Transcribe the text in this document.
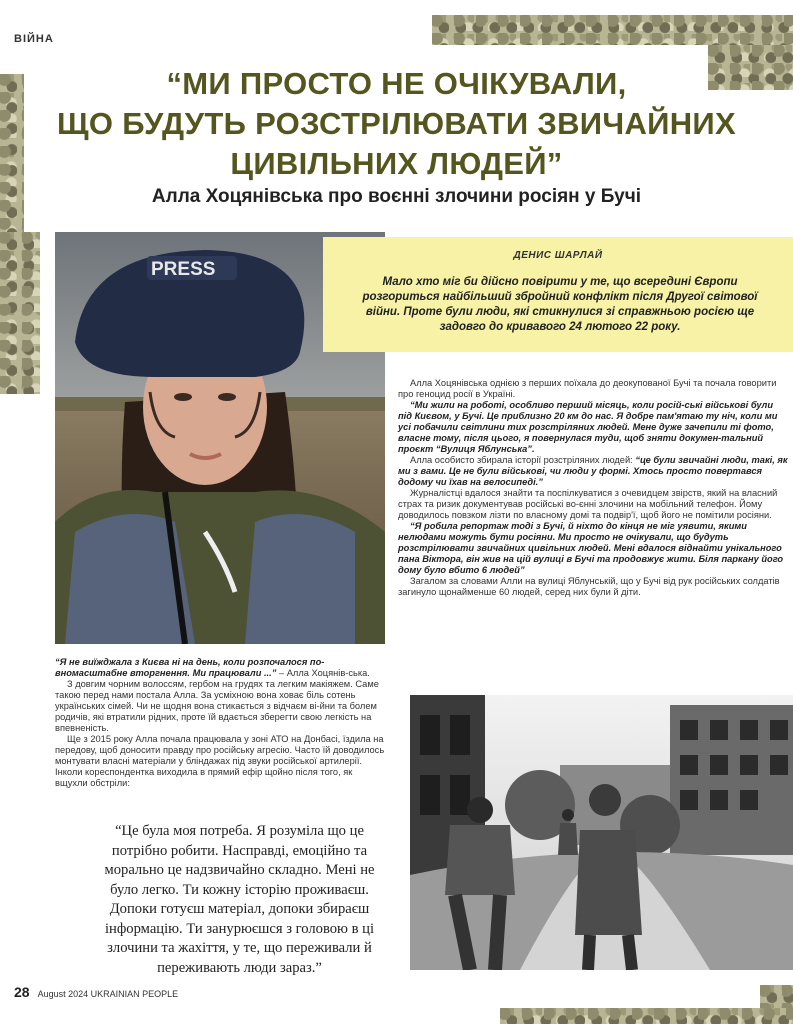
ВІЙНА
“МИ ПРОСТО НЕ ОЧІКУВАЛИ,
ЩО БУДУТЬ РОЗСТРІЛЮВАТИ ЗВИЧАЙНИХ
ЦИВІЛЬНИХ ЛЮДЕЙ”
Алла Хоцянівська про воєнні злочини росіян у Бучі
PRESS
ДЕНИС ШАРЛАЙ
Мало хто міг би дійсно повірити у те, що всередині Європи розгориться найбільший збройний конфлікт після Другої світової війни. Проте були люди, які стикнулися зі справжньою росією ще задовго до кривавого 24 лютого 22 року.

Алла Хоцянівська однією з перших поїхала до деокупованої Бучі та почала говорити про геноцид росії в Україні.

“Ми жили на роботі, особливо перший місяць, коли росій-ські військові були під Києвом, у Бучі. Це приблизно 20 км до нас. Я добре пам'ятаю ту ніч, коли ми усі побачили світлини тих розстріляних людей. Мене дуже зачепили ті фото, власне тому, після цього, я повернулася туди, щоб зняти докумен-тальний проєкт “Вулиця Яблунська”.

Алла особисто збирала історії розстріляних людей: “це були звичайні люди, такі, як ми з вами. Це не були військові, чи люди у формі. Хтось просто повертався додому чи їхав на велосипеді.”

Журналістці вдалося знайти та поспілкуватися з очевидцем звірств, який на власний страх та ризик документував російські во-єнні злочини на мобільний телефон. Йому доводилось повзком лізти по власному домі та подвір'ї, щоб його не помітили росіяни.

“Я робила репортаж тоді з Бучі, й ніхто до кінця не міг уявити, якими нелюдами можуть бути росіяни. Ми просто не очікували, що будуть розстрілювати звичайних цивільних людей. Мені вдалося віднайти унікального пана Віктора, він жив на цій вулиці в Бучі та продовжує жити. Біля паркану його дому було вбито 6 людей”

Загалом за словами Алли на вулиці Яблунській, що у Бучі від рук російських солдатів загинуло щонайменше 60 людей, серед них були й діти.

“Я не виїжджала з Києва ні на день, коли розпочалося по-вномасштабне вторгнення. Ми працювали ...” – Алла Хоцянів-ська.

З довгим чорним волоссям, гербом на грудях та легким макіяжем. Саме такою перед нами постала Алла. За усміхною вона ховає біль сотень українських сімей. Чи не щодня вона стикається з відчаєм ві-йни та болем родичів, які втратили рідних, проте їй вдається зберегти свою легкість на впевненість.

Ще з 2015 року Алла почала працювала у зоні АТО на Донбасі, їздила на передову, щоб доносити правду про російську агресію. Часто їй доводилось монтувати власні матеріали у бліндажах під звуки російської артилерії. Інколи кореспондентка виходила в прямий ефір щойно після того, як вщухли обстріли:

“Це була моя потреба. Я розуміла що це потрібно робити. Насправді, емоційно та морально це надзвичайно складно. Мені не було легко. Ти кожну історію проживаєш. Допоки готуєш матеріал, допоки збираєш інформацію. Ти занурюєшся з головою в ці злочини та жахіття, у те, що переживали й переживають люди зараз.”

28 August 2024 UKRAINIAN PEOPLE
